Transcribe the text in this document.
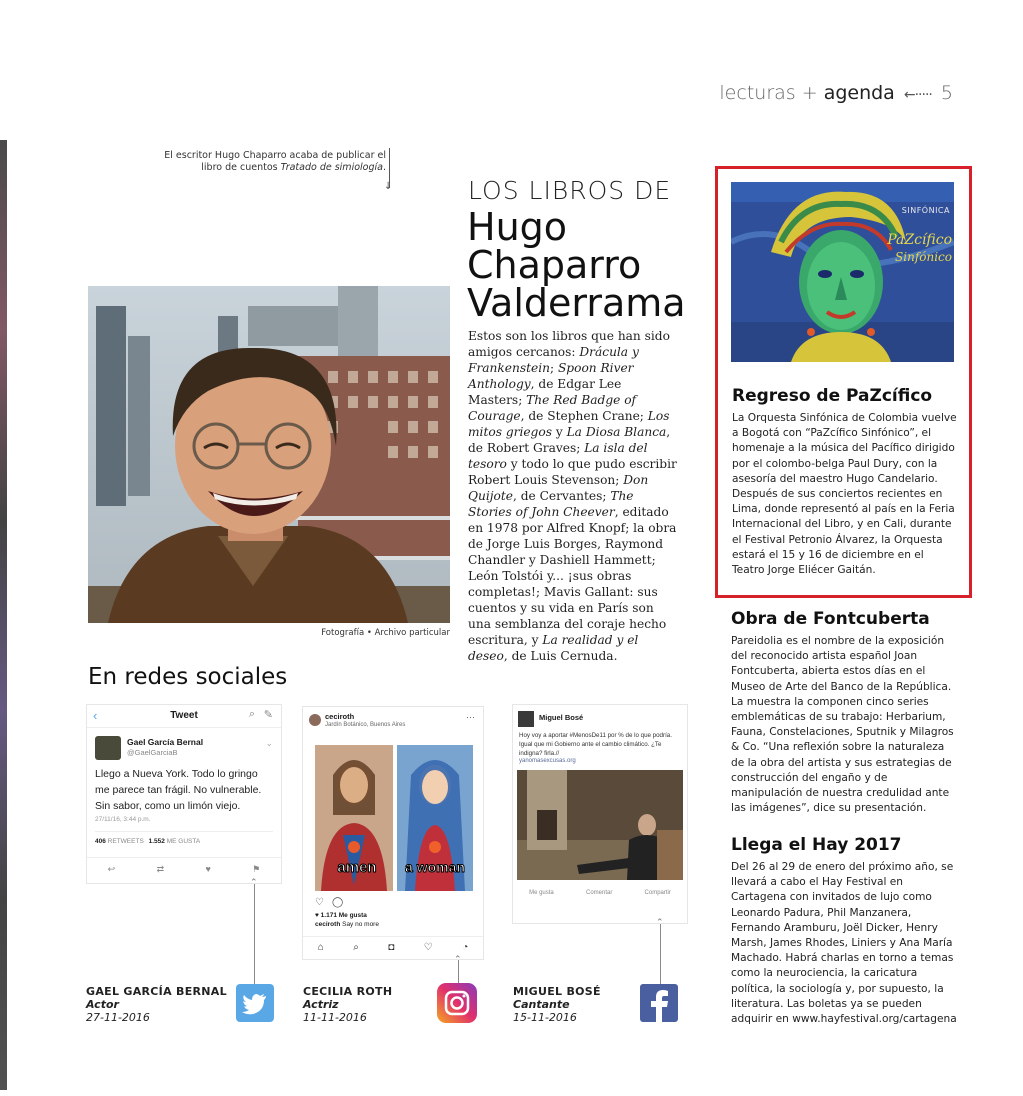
lecturas + agenda ←····· 5
El escritor Hugo Chaparro acaba de publicar el libro de cuentos Tratado de simiología.
↓
Fotografía • Archivo particular
LOS LIBROS DE
Hugo
Chaparro
Valderrama
Estos son los libros que han sido amigos cercanos: Drácula y Frankenstein; Spoon River Anthology, de Edgar Lee Masters; The Red Badge of Courage, de Stephen Crane; Los mitos griegos y La Diosa Blanca, de Robert Graves; La isla del tesoro y todo lo que pudo escribir Robert Louis Stevenson; Don Quijote, de Cervantes; The Stories of John Cheever, editado en 1978 por Alfred Knopf; la obra de Jorge Luis Borges, Raymond Chandler y Dashiell Hammett; León Tolstói y... ¡sus obras completas!; Mavis Gallant: sus cuentos y su vida en París son una semblanza del coraje hecho escritura, y La realidad y el deseo, de Luis Cernuda.
En redes sociales
‹	Tweet	⌕ ✎
Gael García Bernal
@GaelGarciaB
⌄
Llego a Nueva York. Todo lo gringo me parece tan frágil. No vulnerable. Sin sabor, como un limón viejo.
27/11/16, 3:44 p.m.
406 RETWEETS 1.552 ME GUSTA
↩	⇄	♥	⚑
ceciroth
Jardín Botánico, Buenos Aires
···
amen	a woman
♡ ◯
♥ 1.171 Me gusta
ceciroth Say no more
⌂	⌕	◘	♡	◔
Miguel Bosé
Hoy voy a aportar #MenosDe11 por % de lo que podría. Igual que mi Gobierno ante el cambio climático. ¿Te indigna? firla.//
yanomasexcusas.org
Me gusta	Comentar	Compartir
⌃
⌃
⌃
GAEL GARCÍA BERNAL
Actor
27-11-2016
CECILIA ROTH
Actriz
11-11-2016
MIGUEL BOSÉ
Cantante
15-11-2016
SINFÓNICA
PaZcífico
Sinfónico
Regreso de PaZcífico
La Orquesta Sinfónica de Colombia vuelve a Bogotá con “PaZcífico Sinfónico”, el homenaje a la música del Pacífico dirigido por el colombo-belga Paul Dury, con la asesoría del maestro Hugo Candelario. Después de sus conciertos recientes en Lima, donde representó al país en la Feria Internacional del Libro, y en Cali, durante el Festival Petronio Álvarez, la Orquesta estará el 15 y 16 de diciembre en el Teatro Jorge Eliécer Gaitán.
Obra de Fontcuberta
Pareidolia es el nombre de la exposición del reconocido artista español Joan Fontcuberta, abierta estos días en el Museo de Arte del Banco de la República. La muestra la componen cinco series emblemáticas de su trabajo: Herbarium, Fauna, Constelaciones, Sputnik y Milagros & Co. “Una reflexión sobre la naturaleza de la obra del artista y sus estrategias de construcción del engaño y de manipulación de nuestra credulidad ante las imágenes”, dice su presentación.
Llega el Hay 2017
Del 26 al 29 de enero del próximo año, se llevará a cabo el Hay Festival en Cartagena con invitados de lujo como Leonardo Padura, Phil Manzanera, Fernando Aramburu, Joël Dicker, Henry Marsh, James Rhodes, Liniers y Ana María Machado. Habrá charlas en torno a temas como la neurociencia, la caricatura política, la sociología y, por supuesto, la literatura. Las boletas ya se pueden adquirir en www.hayfestival.org/cartagena
